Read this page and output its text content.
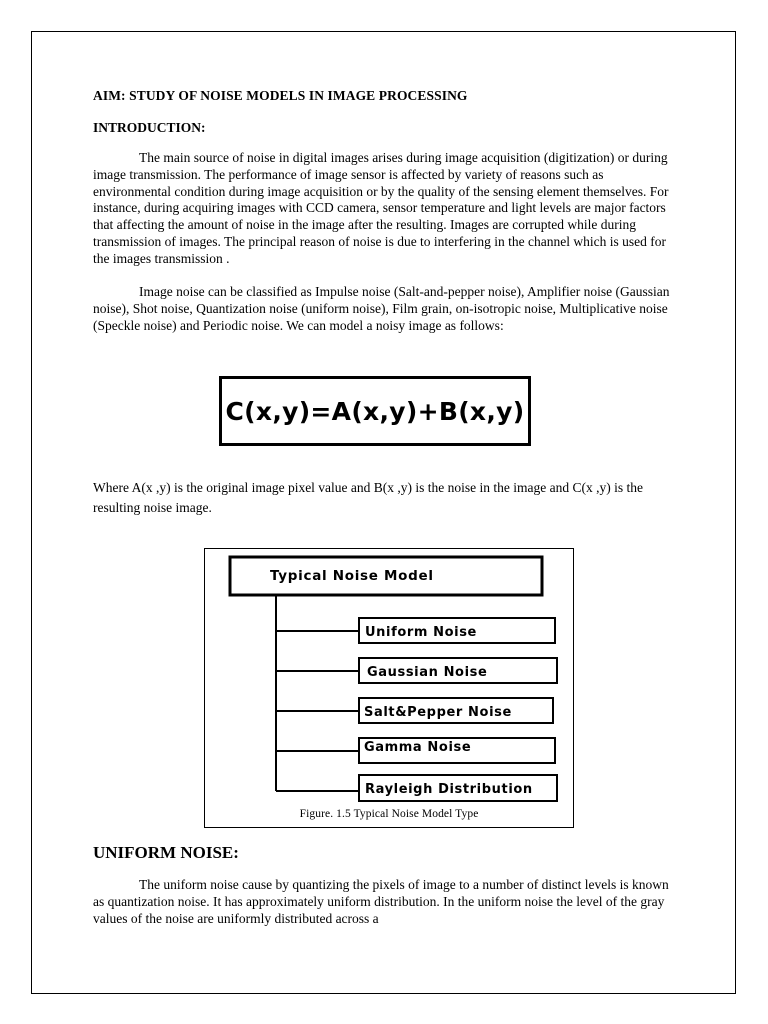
AIM: STUDY OF NOISE MODELS IN IMAGE PROCESSING
INTRODUCTION:
The main source of noise in digital images arises during image acquisition (digitization) or during image transmission. The performance of image sensor is affected by variety of reasons such as environmental condition during image acquisition or by the quality of the sensing element themselves. For instance, during acquiring images with CCD camera, sensor temperature and light levels are major factors that affecting the amount of noise in the image after the resulting. Images are corrupted while during transmission of images. The principal reason of noise is due to interfering in the channel which is used for the images transmission .
Image noise can be classified as Impulse noise (Salt-and-pepper noise), Amplifier noise (Gaussian noise), Shot noise, Quantization noise (uniform noise), Film grain, on-isotropic noise, Multiplicative noise (Speckle noise) and Periodic noise. We can model a noisy image as follows:
C(x,y)=A(x,y)+B(x,y)
Where A(x ,y) is the original image pixel value and B(x ,y) is the noise in the image and C(x ,y) is the resulting noise image.
Typical Noise Model
Uniform Noise
Gaussian Noise
Salt&Pepper Noise
Gamma Noise
Rayleigh Distribution
Figure. 1.5 Typical Noise Model Type
UNIFORM NOISE:
The uniform noise cause by quantizing the pixels of image to a number of distinct levels is known as quantization noise. It has approximately uniform distribution. In the uniform noise the level of the gray values of the noise are uniformly distributed across a
